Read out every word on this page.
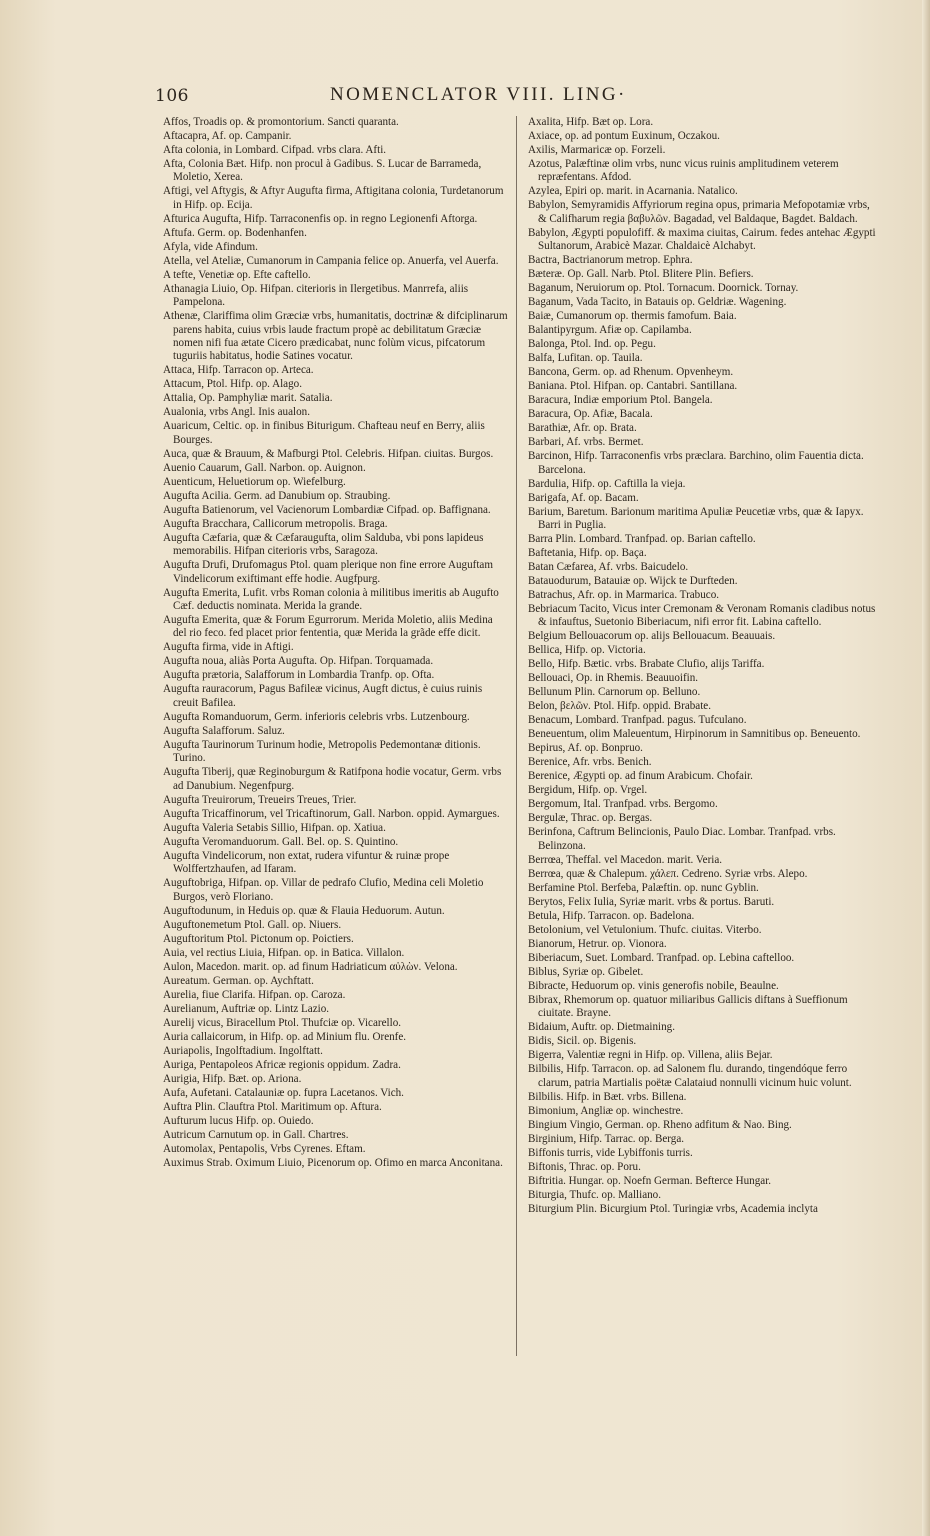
106	NOMENCLATOR VIII. LING·
Affos, Troadis op. & promontorium. Sancti quaranta.
Aftacapra, Af. op. Campanir.
Afta colonia, in Lombard. Cifpad. vrbs clara. Afti.
Afta, Colonia Bæt. Hifp. non procul à Gadibus. S. Lucar de Barrameda, Moletio, Xerea.
Aftigi, vel Aftygis, & Aftyr Augufta firma, Aftigitana colonia, Turdetanorum in Hifp. op. Ecija.
Afturica Augufta, Hifp. Tarraconenfis op. in regno Legionenfi Aftorga.
Aftufa. Germ. op. Bodenhanfen.
Afyla, vide Afindum.
Atella, vel Ateliæ, Cumanorum in Campania felice op. Anuerfa, vel Auerfa.
A tefte, Venetiæ op. Efte caftello.
Athanagia Liuio, Op. Hifpan. citerioris in Ilergetibus. Manrrefa, aliis Pampelona.
Athenæ, Clariffima olim Græciæ vrbs, humanitatis, doctrinæ & difciplinarum parens habita, cuius vrbis laude fractum propè ac debilitatum Græciæ nomen nifi fua ætate Cicero prædicabat, nunc folùm vicus, pifcatorum tuguriis habitatus, hodie Satines vocatur.
Attaca, Hifp. Tarracon op. Arteca.
Attacum, Ptol. Hifp. op. Alago.
Attalia, Op. Pamphyliæ marit. Satalia.
Aualonia, vrbs Angl. Inis aualon.
Auaricum, Celtic. op. in finibus Biturigum. Chafteau neuf en Berry, aliis Bourges.
Auca, quæ & Brauum, & Mafburgi Ptol. Celebris. Hifpan. ciuitas. Burgos.
Auenio Cauarum, Gall. Narbon. op. Auignon.
Auenticum, Heluetiorum op. Wiefelburg.
Augufta Acilia. Germ. ad Danubium op. Straubing.
Augufta Batienorum, vel Vacienorum Lombardiæ Cifpad. op. Baffignana.
Augufta Bracchara, Callicorum metropolis. Braga.
Augufta Cæfaria, quæ & Cæfaraugufta, olim Salduba, vbi pons lapideus memorabilis. Hifpan citerioris vrbs, Saragoza.
Augufta Drufi, Drufomagus Ptol. quam plerique non fine errore Auguftam Vindelicorum exiftimant effe hodie. Augfpurg.
Augufta Emerita, Lufit. vrbs Roman colonia à militibus imeritis ab Augufto Cæf. deductis nominata. Merida la grande.
Augufta Emerita, quæ & Forum Egurrorum. Merida Moletio, aliis Medina del rio feco. fed placet prior fententia, quæ Merida la grãde effe dicit.
Augufta firma, vide in Aftigi.
Augufta noua, aliàs Porta Augufta. Op. Hifpan. Torquamada.
Augufta prætoria, Salafforum in Lombardia Tranfp. op. Ofta.
Augufta rauracorum, Pagus Bafileæ vicinus, Augft dictus, è cuius ruinis creuit Bafilea.
Augufta Romanduorum, Germ. inferioris celebris vrbs. Lutzenbourg.
Augufta Salafforum. Saluz.
Augufta Taurinorum Turinum hodie, Metropolis Pedemontanæ ditionis. Turino.
Augufta Tiberij, quæ Reginoburgum & Ratifpona hodie vocatur, Germ. vrbs ad Danubium. Negenfpurg.
Augufta Treuirorum, Treueirs Treues, Trier.
Augufta Tricaffinorum, vel Tricaftinorum, Gall. Narbon. oppid. Aymargues.
Augufta Valeria Setabis Sillio, Hifpan. op. Xatiua.
Augufta Veromanduorum. Gall. Bel. op. S. Quintino.
Augufta Vindelicorum, non extat, rudera vifuntur & ruinæ prope Wolffertzhaufen, ad Ifaram.
Auguftobriga, Hifpan. op. Villar de pedrafo Clufio, Medina celi Moletio Burgos, verò Floriano.
Auguftodunum, in Heduis op. quæ & Flauia Heduorum. Autun.
Auguftonemetum Ptol. Gall. op. Niuers.
Auguftoritum Ptol. Pictonum op. Poictiers.
Auia, vel rectius Liuia, Hifpan. op. in Batica. Villalon.
Aulon, Macedon. marit. op. ad finum Hadriaticum αὐλὼν. Velona.
Aureatum. German. op. Aychftatt.
Aurelia, fiue Clarifa. Hifpan. op. Caroza.
Aurelianum, Auftriæ op. Lintz Lazio.
Aurelij vicus, Biracellum Ptol. Thufciæ op. Vicarello.
Auria callaicorum, in Hifp. op. ad Minium flu. Orenfe.
Auriapolis, Ingolftadium. Ingolftatt.
Auriga, Pentapoleos Africæ regionis oppidum. Zadra.
Aurigia, Hifp. Bæt. op. Ariona.
Aufa, Aufetani. Catalauniæ op. fupra Lacetanos. Vich.
Auftra Plin. Clauftra Ptol. Maritimum op. Aftura.
Aufturum lucus Hifp. op. Ouiedo.
Autricum Carnutum op. in Gall. Chartres.
Automolax, Pentapolis, Vrbs Cyrenes. Eftam.
Auximus Strab. Oximum Liuio, Picenorum op. Ofimo en marca Anconitana.
Axalita, Hifp. Bæt op. Lora.
Axiace, op. ad pontum Euxinum, Oczakou.
Axilis, Marmaricæ op. Forzeli.
Azotus, Palæftinæ olim vrbs, nunc vicus ruinis amplitudinem veterem repræfentans. Afdod.
Azylea, Epiri op. marit. in Acarnania. Natalico.
Babylon, Semyramidis Affyriorum regina opus, primaria Mefopotamiæ vrbs, & Califharum regia βαβυλῶν. Bagadad, vel Baldaque, Bagdet. Baldach.
Babylon, Ægypti populofiff. & maxima ciuitas, Cairum. fedes antehac Ægypti Sultanorum, Arabicè Mazar. Chaldaicè Alchabyt.
Bactra, Bactrianorum metrop. Ephra.
Bæteræ. Op. Gall. Narb. Ptol. Blitere Plin. Befiers.
Baganum, Neruiorum op. Ptol. Tornacum. Doornick. Tornay.
Baganum, Vada Tacito, in Batauis op. Geldriæ. Wagening.
Baiæ, Cumanorum op. thermis famofum. Baia.
Balantipyrgum. Afiæ op. Capilamba.
Balonga, Ptol. Ind. op. Pegu.
Balfa, Lufitan. op. Tauila.
Bancona, Germ. op. ad Rhenum. Opvenheym.
Baniana. Ptol. Hifpan. op. Cantabri. Santillana.
Baracura, Indiæ emporium Ptol. Bangela.
Baracura, Op. Afiæ, Bacala.
Barathiæ, Afr. op. Brata.
Barbari, Af. vrbs. Bermet.
Barcinon, Hifp. Tarraconenfis vrbs præclara. Barchino, olim Fauentia dicta. Barcelona.
Bardulia, Hifp. op. Caftilla la vieja.
Barigafa, Af. op. Bacam.
Barium, Baretum. Barionum maritima Apuliæ Peucetiæ vrbs, quæ & Iapyx. Barri in Puglia.
Barra Plin. Lombard. Tranfpad. op. Barian caftello.
Baftetania, Hifp. op. Baça.
Batan Cæfarea, Af. vrbs. Baicudelo.
Batauodurum, Batauiæ op. Wijck te Durfteden.
Batrachus, Afr. op. in Marmarica. Trabuco.
Bebriacum Tacito, Vicus inter Cremonam & Veronam Romanis cladibus notus & infauftus, Suetonio Biberiacum, nifi error fit. Labina caftello.
Belgium Bellouacorum op. alijs Bellouacum. Beauuais.
Bellica, Hifp. op. Victoria.
Bello, Hifp. Bætic. vrbs. Brabate Clufio, alijs Tariffa.
Bellouaci, Op. in Rhemis. Beauuoifin.
Bellunum Plin. Carnorum op. Belluno.
Belon, βελῶν. Ptol. Hifp. oppid. Brabate.
Benacum, Lombard. Tranfpad. pagus. Tufculano.
Beneuentum, olim Maleuentum, Hirpinorum in Samnitibus op. Beneuento.
Bepirus, Af. op. Bonpruo.
Berenice, Afr. vrbs. Benich.
Berenice, Ægypti op. ad finum Arabicum. Chofair.
Bergidum, Hifp. op. Vrgel.
Bergomum, Ital. Tranfpad. vrbs. Bergomo.
Bergulæ, Thrac. op. Bergas.
Berinfona, Caftrum Belincionis, Paulo Diac. Lombar. Tranfpad. vrbs. Belinzona.
Berrœa, Theffal. vel Macedon. marit. Veria.
Berrœa, quæ & Chalepum. χάλεπ. Cedreno. Syriæ vrbs. Alepo.
Berfamine Ptol. Berfeba, Palæftin. op. nunc Gyblin.
Berytos, Felix Iulia, Syriæ marit. vrbs & portus. Baruti.
Betula, Hifp. Tarracon. op. Badelona.
Betolonium, vel Vetulonium. Thufc. ciuitas. Viterbo.
Bianorum, Hetrur. op. Vionora.
Biberiacum, Suet. Lombard. Tranfpad. op. Lebina caftelloo.
Biblus, Syriæ op. Gibelet.
Bibracte, Heduorum op. vinis generofis nobile, Beaulne.
Bibrax, Rhemorum op. quatuor miliaribus Gallicis diftans à Sueffionum ciuitate. Brayne.
Bidaium, Auftr. op. Dietmaining.
Bidis, Sicil. op. Bigenis.
Bigerra, Valentiæ regni in Hifp. op. Villena, aliis Bejar.
Bilbilis, Hifp. Tarracon. op. ad Salonem flu. durando, tingendóque ferro clarum, patria Martialis poëtæ Calataiud nonnulli vicinum huic volunt.
Bilbilis. Hifp. in Bæt. vrbs. Billena.
Bimonium, Angliæ op. winchestre.
Bingium Vingio, German. op. Rheno adfitum & Nao. Bing.
Birginium, Hifp. Tarrac. op. Berga.
Biffonis turris, vide Lybiffonis turris.
Biftonis, Thrac. op. Poru.
Biftritia. Hungar. op. Noefn German. Befterce Hungar.
Biturgia, Thufc. op. Malliano.
Biturgium Plin. Bicurgium Ptol. Turingiæ vrbs, Academia inclyta
